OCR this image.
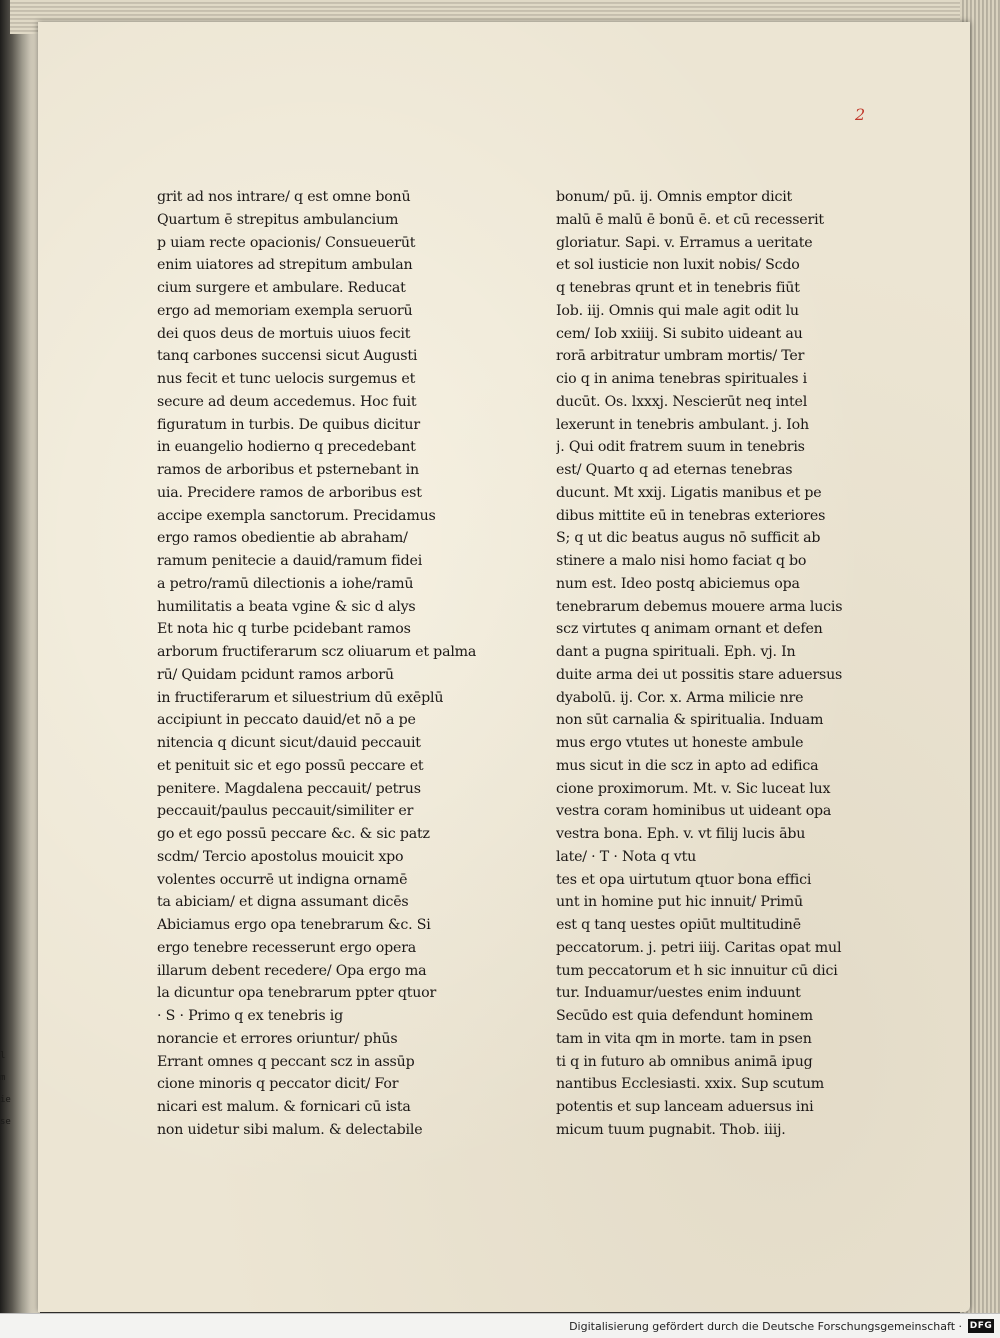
l
m
ie
se
2
grit ad nos intrare/ q est omne bonū
Quartum ē strepitus ambulancium
p uiam recte opacionis/ Consueuerūt
enim uiatores ad strepitum ambulan
cium surgere et ambulare. Reducat
ergo ad memoriam exempla seruorū
dei quos deus de mortuis uiuos fecit
tanq carbones succensi sicut Augusti
nus fecit et tunc uelocis surgemus et
secure ad deum accedemus. Hoc fuit
figuratum in turbis. De quibus dicitur
in euangelio hodierno q precedebant
ramos de arboribus et psternebant in
uia. Precidere ramos de arboribus est
accipe exempla sanctorum. Precidamus
ergo ramos obedientie ab abraham/
ramum penitecie a dauid/ramum fidei
a petro/ramū dilectionis a iohe/ramū
humilitatis a beata vgine & sic d alys
Et nota hic q turbe pcidebant ramos
arborum fructiferarum scz oliuarum et palma
rū/ Quidam pcidunt ramos arborū
in fructiferarum et siluestrium dū exēplū
accipiunt in peccato dauid/et nō a pe
nitencia q dicunt sicut/dauid peccauit
et penituit sic et ego possū peccare et
penitere. Magdalena peccauit/ petrus
peccauit/paulus peccauit/similiter er
go et ego possū peccare &c. & sic patz
scdm/ Tercio apostolus mouicit xpo
volentes occurrē ut indigna ornamē
ta abiciam/ et digna assumant dicēs
Abiciamus ergo opa tenebrarum &c. Si
ergo tenebre recesserunt ergo opera
illarum debent recedere/ Opa ergo ma
la dicuntur opa tenebrarum ppter qtuor
· S · Primo q ex tenebris ig
norancie et errores oriuntur/ phūs
Errant omnes q peccant scz in assūp
cione minoris q peccator dicit/ For
nicari est malum. & fornicari cū ista
non uidetur sibi malum. & delectabile
bonum/ pū. ij. Omnis emptor dicit
malū ē malū ē bonū ē. et cū recesserit
gloriatur. Sapi. v. Erramus a ueritate
et sol iusticie non luxit nobis/ Scdo
q tenebras qrunt et in tenebris fiūt
Iob. iij. Omnis qui male agit odit lu
cem/ Iob xxiiij. Si subito uideant au
rorā arbitratur umbram mortis/ Ter
cio q in anima tenebras spirituales i
ducūt. Os. lxxxj. Nescierūt neq intel
lexerunt in tenebris ambulant. j. Ioh
j. Qui odit fratrem suum in tenebris
est/ Quarto q ad eternas tenebras
ducunt. Mt xxij. Ligatis manibus et pe
dibus mittite eū in tenebras exteriores
S; q ut dic beatus augus nō sufficit ab
stinere a malo nisi homo faciat q bo
num est. Ideo postq abiciemus opa
tenebrarum debemus mouere arma lucis
scz virtutes q animam ornant et defen
dant a pugna spirituali. Eph. vj. In
duite arma dei ut possitis stare aduersus
dyabolū. ij. Cor. x. Arma milicie nre
non sūt carnalia & spiritualia. Induam
mus ergo vtutes ut honeste ambule
mus sicut in die scz in apto ad edifica
cione proximorum. Mt. v. Sic luceat lux
vestra coram hominibus ut uideant opa
vestra bona. Eph. v. vt filij lucis ābu
late/ · T · Nota q vtu
tes et opa uirtutum qtuor bona effici
unt in homine put hic innuit/ Primū
est q tanq uestes opiūt multitudinē
peccatorum. j. petri iiij. Caritas opat mul
tum peccatorum et h sic innuitur cū dici
tur. Induamur/uestes enim induunt
Secūdo est quia defendunt hominem
tam in vita qm in morte. tam in psen
ti q in futuro ab omnibus animā ipug
nantibus Ecclesiasti. xxix. Sup scutum
potentis et sup lanceam aduersus ini
micum tuum pugnabit. Thob. iiij.
Digitalisierung gefördert durch die Deutsche Forschungsgemeinschaft · DFG
